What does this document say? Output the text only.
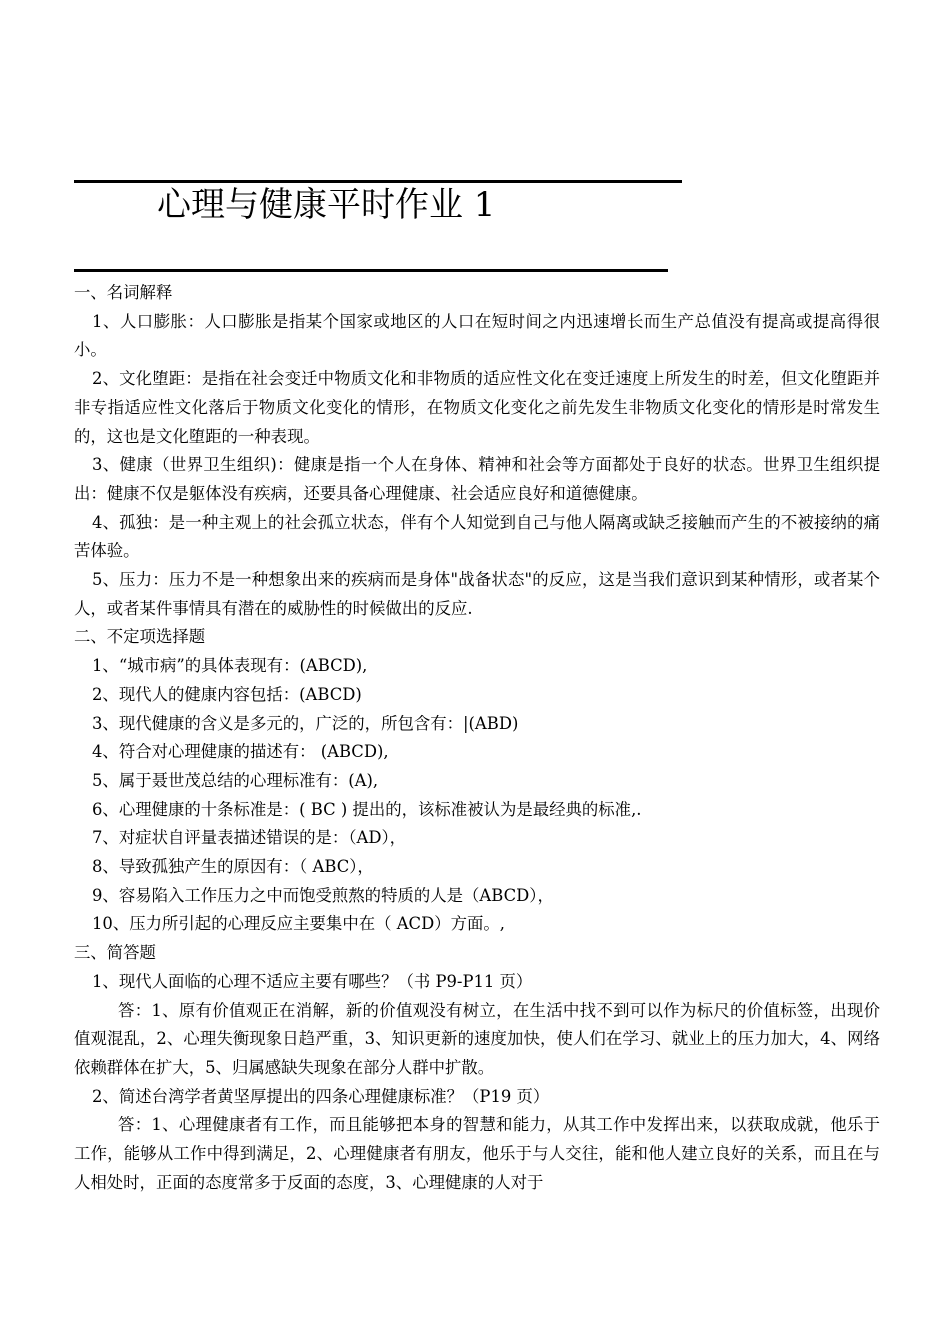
心理与健康平时作业 1

一、名词解释

1、人口膨胀：人口膨胀是指某个国家或地区的人口在短时间之内迅速增长而生产总值没有提高或提高得很小。

2、文化堕距：是指在社会变迁中物质文化和非物质的适应性文化在变迁速度上所发生的时差，但文化堕距并非专指适应性文化落后于物质文化变化的情形，在物质文化变化之前先发生非物质文化变化的情形是时常发生的，这也是文化堕距的一种表现。

3、健康（世界卫生组织)：健康是指一个人在身体、精神和社会等方面都处于良好的状态。世界卫生组织提出：健康不仅是躯体没有疾病，还要具备心理健康、社会适应良好和道德健康。

4、孤独：是一种主观上的社会孤立状态，伴有个人知觉到自己与他人隔离或缺乏接触而产生的不被接纳的痛苦体验。

5、压力：压力不是一种想象出来的疾病而是身体"战备状态"的反应，这是当我们意识到某种情形，或者某个人，或者某件事情具有潜在的威胁性的时候做出的反应.

二、不定项选择题

1、“城市病”的具体表现有：(ABCD),

2、现代人的健康内容包括：(ABCD)

3、现代健康的含义是多元的，广泛的，所包含有：|(ABD)

4、符合对心理健康的描述有： (ABCD),

5、属于聂世茂总结的心理标准有：(A),

6、心理健康的十条标准是：( BC ) 提出的，该标准被认为是最经典的标准,.

7、对症状自评量表描述错误的是：（AD），

8、导致孤独产生的原因有：（ ABC），

9、容易陷入工作压力之中而饱受煎熬的特质的人是（ABCD），

10、压力所引起的心理反应主要集中在（ ACD）方面。,

三、简答题

1、现代人面临的心理不适应主要有哪些？（书 P9-P11 页）

答：1、原有价值观正在消解，新的价值观没有树立，在生活中找不到可以作为标尺的价值标签，出现价值观混乱，2、心理失衡现象日趋严重，3、知识更新的速度加快，使人们在学习、就业上的压力加大，4、网络依赖群体在扩大，5、归属感缺失现象在部分人群中扩散。

2、简述台湾学者黄坚厚提出的四条心理健康标准？（P19 页）

答：1、心理健康者有工作，而且能够把本身的智慧和能力，从其工作中发挥出来，以获取成就，他乐于工作，能够从工作中得到满足，2、心理健康者有朋友，他乐于与人交往，能和他人建立良好的关系，而且在与人相处时，正面的态度常多于反面的态度，3、心理健康的人对于
